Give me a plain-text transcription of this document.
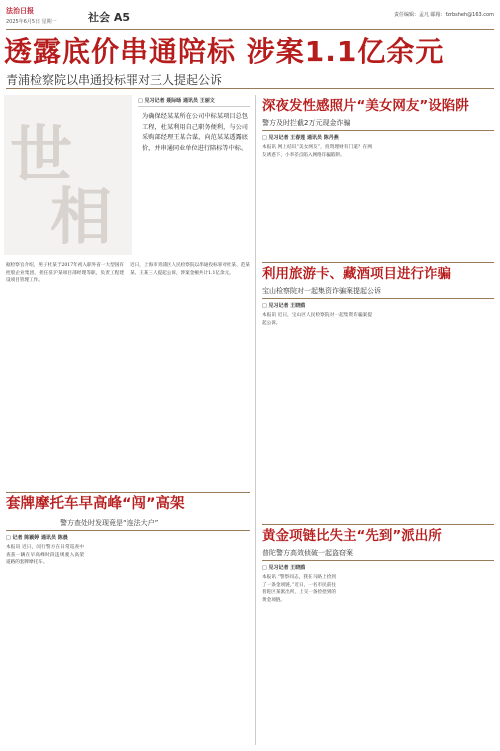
法治日报
2025年6月5日 星期一	社会 A5	责任编辑：孟凡 邮箱：fzrbsheh@163.com
透露底价串通陪标 涉案1.1亿余元
青浦检察院以串通投标罪对三人提起公诉
世
相
□ 见习记者 聂际旸 通讯员 王丽文
为确保经某某所在公司中标某项目总包工程，杜某利用自己职务便利，与公司采购部经理王某合谋，向范某某透露底价，并串通同业单位进行陪标等中标。
据检察官介绍，男子杜某于2017年初入职外省一大型国有控股企业集团，担任驻沪某项目部经理等职，负责工程建设项目管理工作。
近日，上海市青浦区人民检察院以串通投标罪对杜某、范某某、王某三人提起公诉，涉案金额共计1.1亿余元。
深夜发性感照片“美女网友”设陷阱
警方及时拦截2万元现金诈骗
□ 见习记者 王春莲 通讯员 陈丹燕
本报讯 网上结识“美女网友”，投资理财有门道？在网友诱惑下，小李差点陷入网络诈骗陷阱。
利用旅游卡、藏酒项目进行诈骗
宝山检察院对一起集资诈骗案提起公诉
□ 见习记者 王晓鸥
本报讯 近日，宝山区人民检察院对一起集资诈骗案提起公诉。
套牌摩托车早高峰“闯”高架
警方查处时发现竟是“连法大户”
□ 记者 陈颖婷 通讯员 陈晨
本报讯 近日，闵行警方在日常巡查中查获一辆在早高峰时段违规驶入高架道路的套牌摩托车。
黄金项链比失主“先到”派出所
普陀警方高效侦破一起盗窃案
□ 见习记者 王晓鸥
本报讯 “警察同志，我在马路上捡到了一条金项链。”近日，一名市民前往普陀区某派出所，上交一条捡拾到的黄金项链。
